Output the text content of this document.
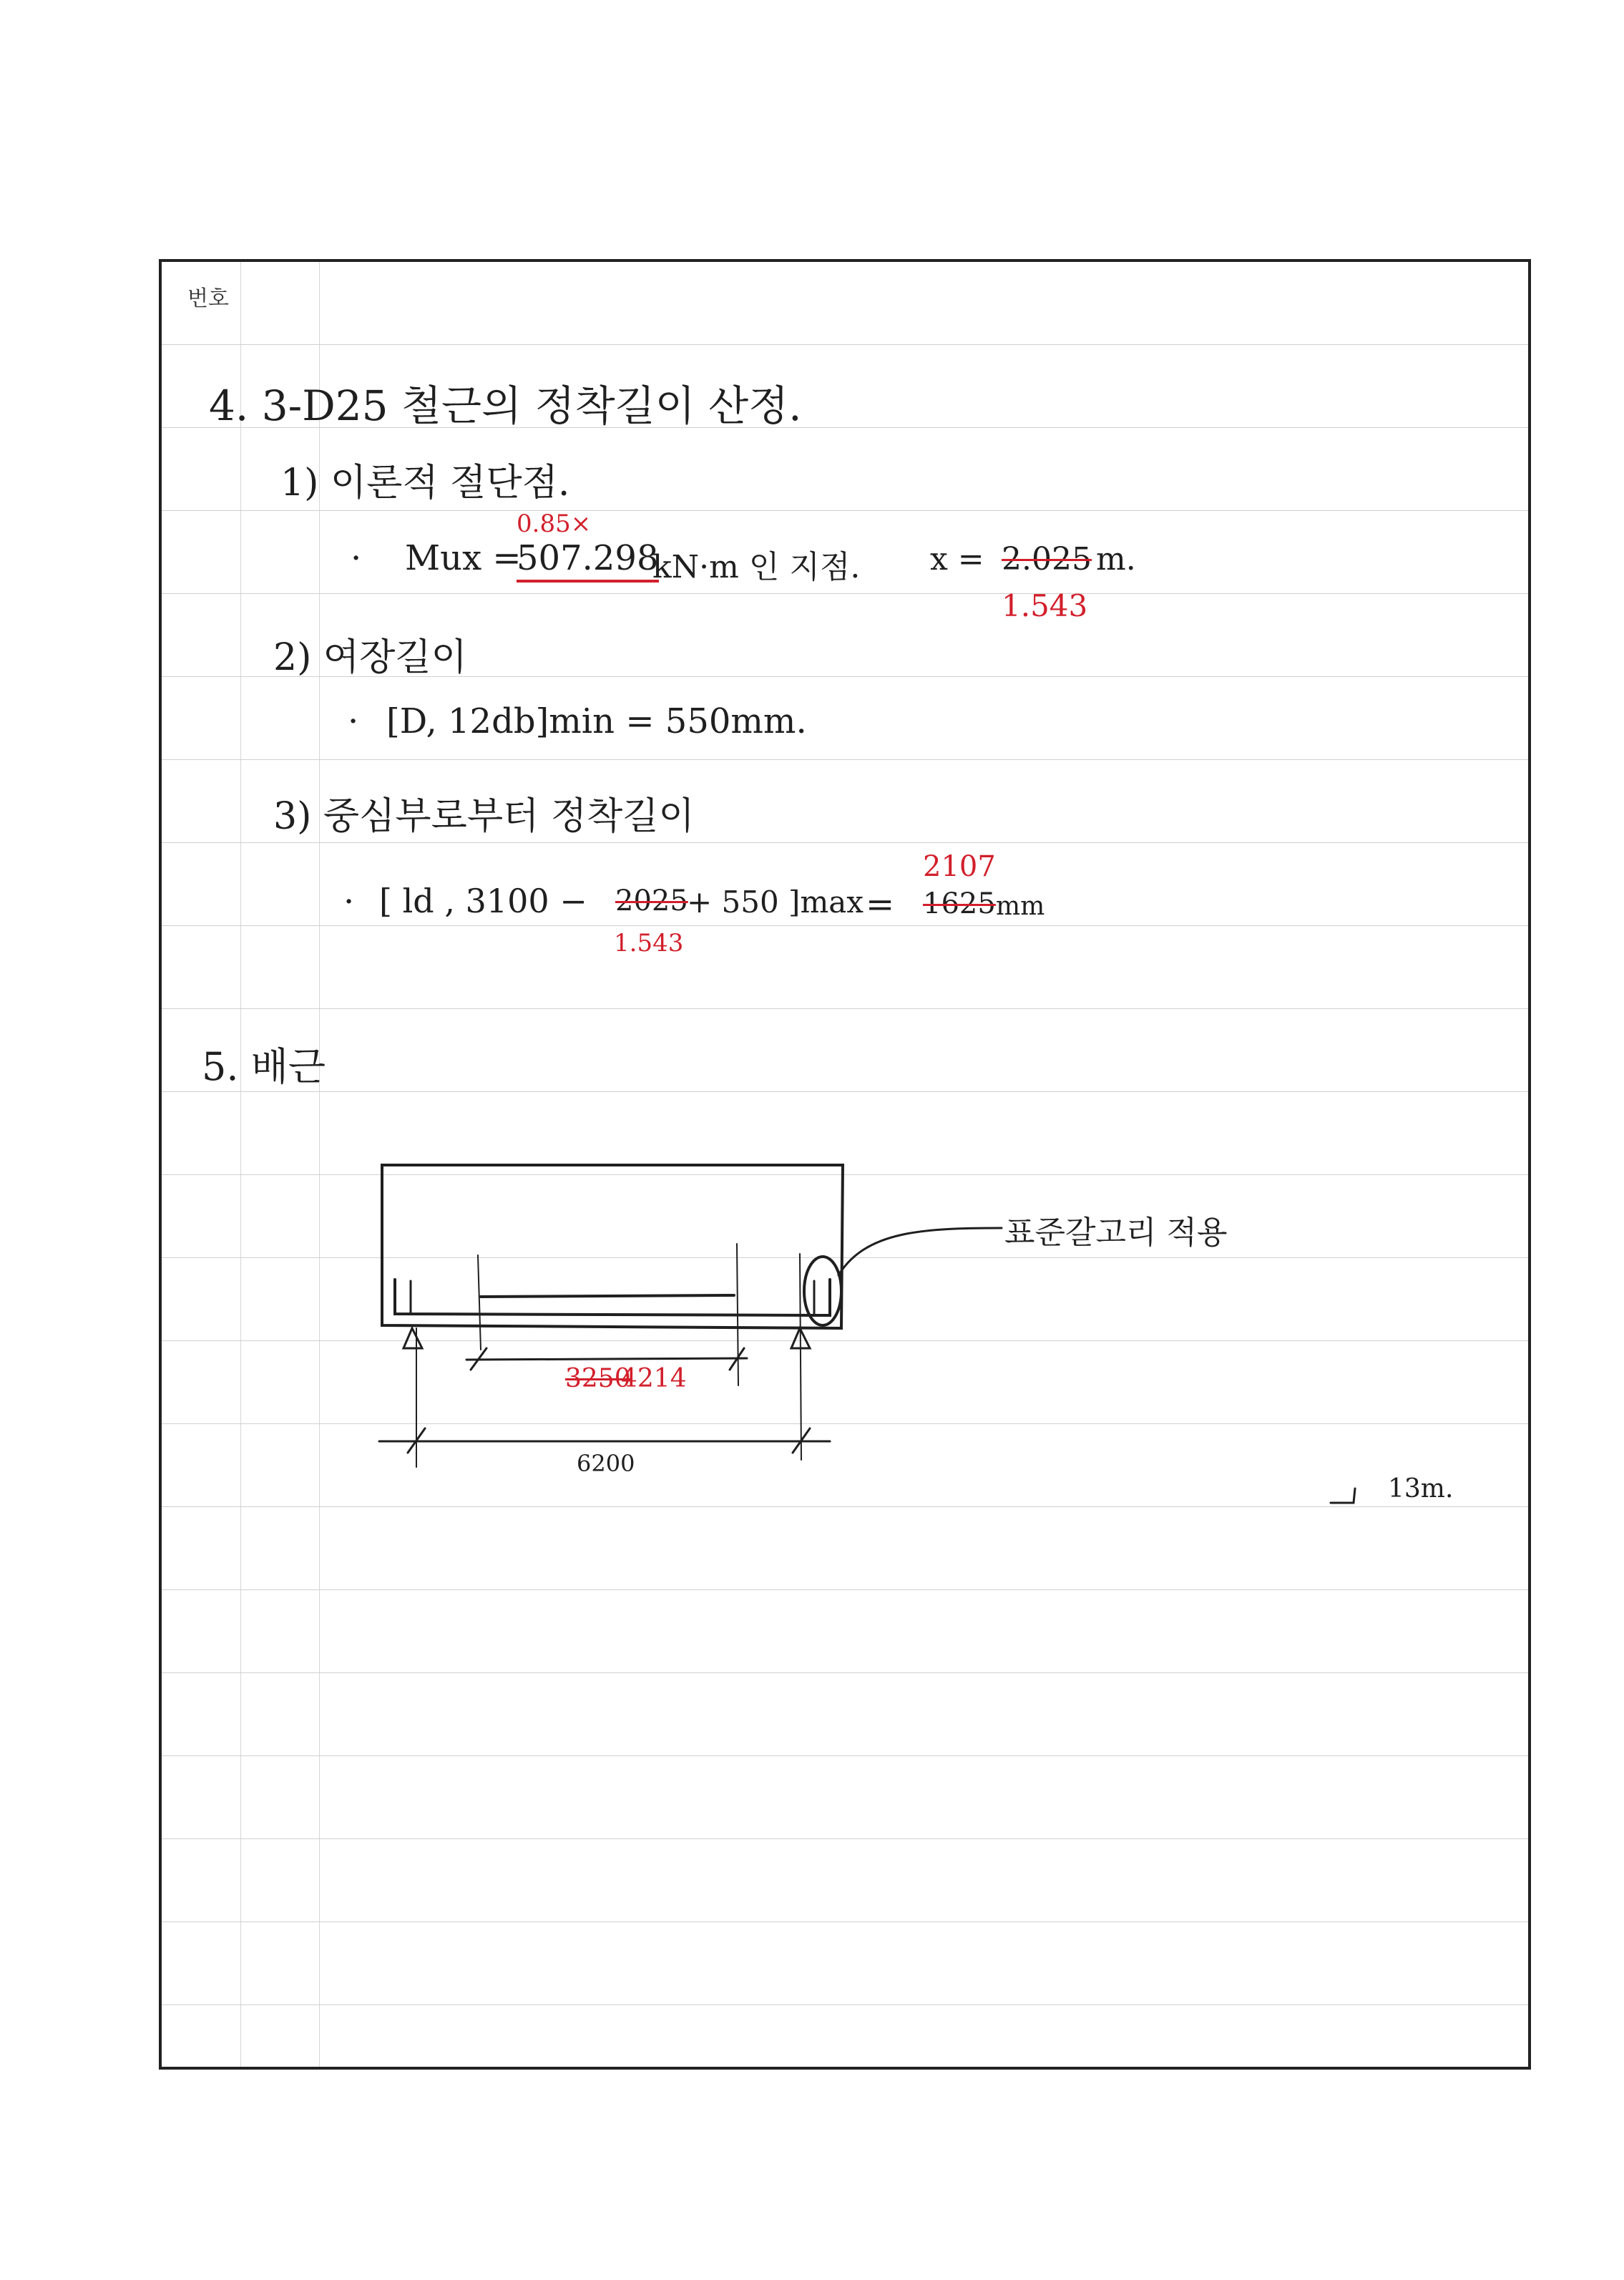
번호
4. 3-D25 철근의 정착길이 산정.
1) 이론적 절단점.
0.85×
· Mux =
507.298
kN·m 인 지점. x = 2.025 m.
1.543
2) 여장길이
· [D, 12db]min = 550mm.
3) 중심부로부터 정착길이
· [ ld , 3100 − 2025
+ 550 ]max
1.543
=
2107
1625 mm
5. 배근
3250
4214
6200
표준갈고리 적용
13m.
